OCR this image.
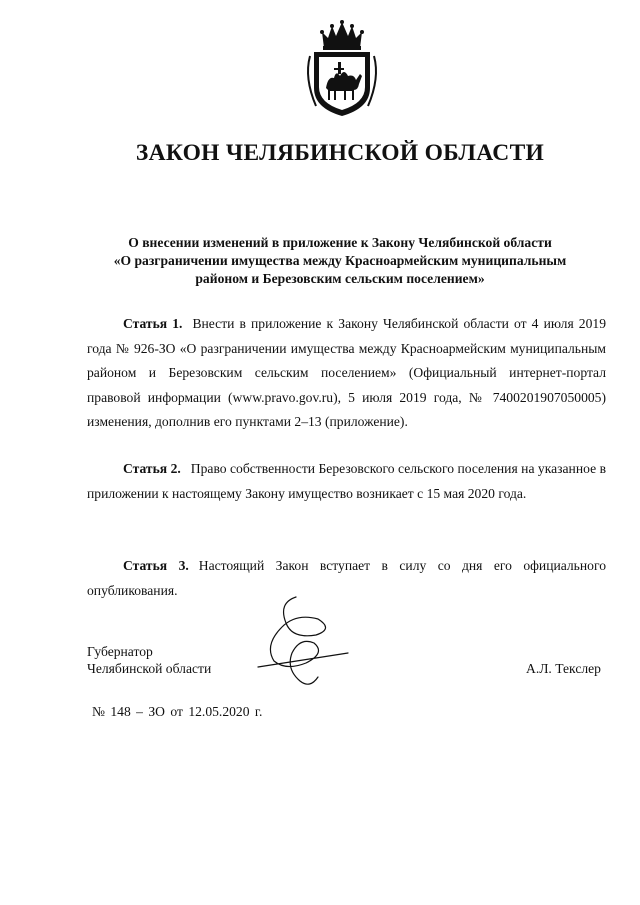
ЗАКОН ЧЕЛЯБИНСКОЙ ОБЛАСТИ
О внесении изменений в приложение к Закону Челябинской области
«О разграничении имущества между Красноармейским муниципальным
районом и Березовским сельским поселением»
Статья 1. Внести в приложение к Закону Челябинской области от 4 июля 2019 года № 926-ЗО «О разграничении имущества между Красноармейским муниципальным районом и Березовским сельским поселением» (Официальный интернет-портал правовой информации (www.pravo.gov.ru), 5 июля 2019 года, № 7400201907050005) изменения, дополнив его пунктами 2–13 (приложение).
Статья 2. Право собственности Березовского сельского поселения на указанное в приложении к настоящему Закону имущество возникает с 15 мая 2020 года.
Статья 3. Настоящий Закон вступает в силу со дня его официального опубликования.
Губернатор
Челябинской области	А.Л. Текслер
№ 148 – ЗО от 12.05.2020 г.
